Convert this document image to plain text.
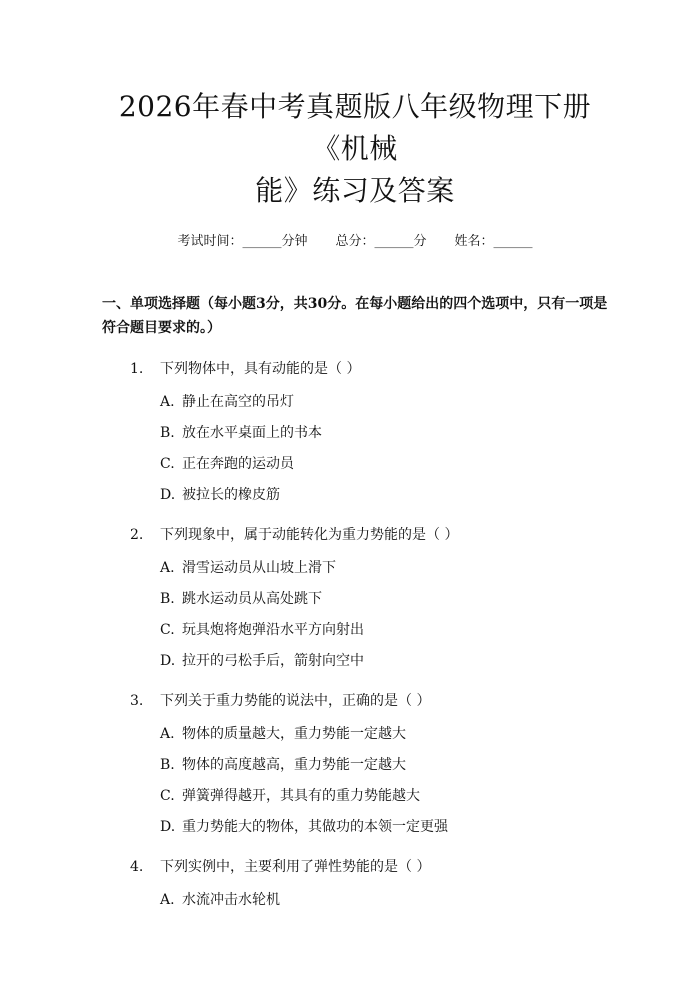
2026年春中考真题版八年级物理下册《机械
能》练习及答案
考试时间：______分钟 总分：______分 姓名：______
一、单项选择题（每小题3分，共30分。在每小题给出的四个选项中，只有一项是符合题目要求的。）
1.	下列物体中，具有动能的是（ ）
A. 静止在高空的吊灯
B. 放在水平桌面上的书本
C. 正在奔跑的运动员
D. 被拉长的橡皮筋
2.	下列现象中，属于动能转化为重力势能的是（ ）
A. 滑雪运动员从山坡上滑下
B. 跳水运动员从高处跳下
C. 玩具炮将炮弹沿水平方向射出
D. 拉开的弓松手后，箭射向空中
3.	下列关于重力势能的说法中，正确的是（ ）
A. 物体的质量越大，重力势能一定越大
B. 物体的高度越高，重力势能一定越大
C. 弹簧弹得越开，其具有的重力势能越大
D. 重力势能大的物体，其做功的本领一定更强
4.	下列实例中，主要利用了弹性势能的是（ ）
A. 水流冲击水轮机
